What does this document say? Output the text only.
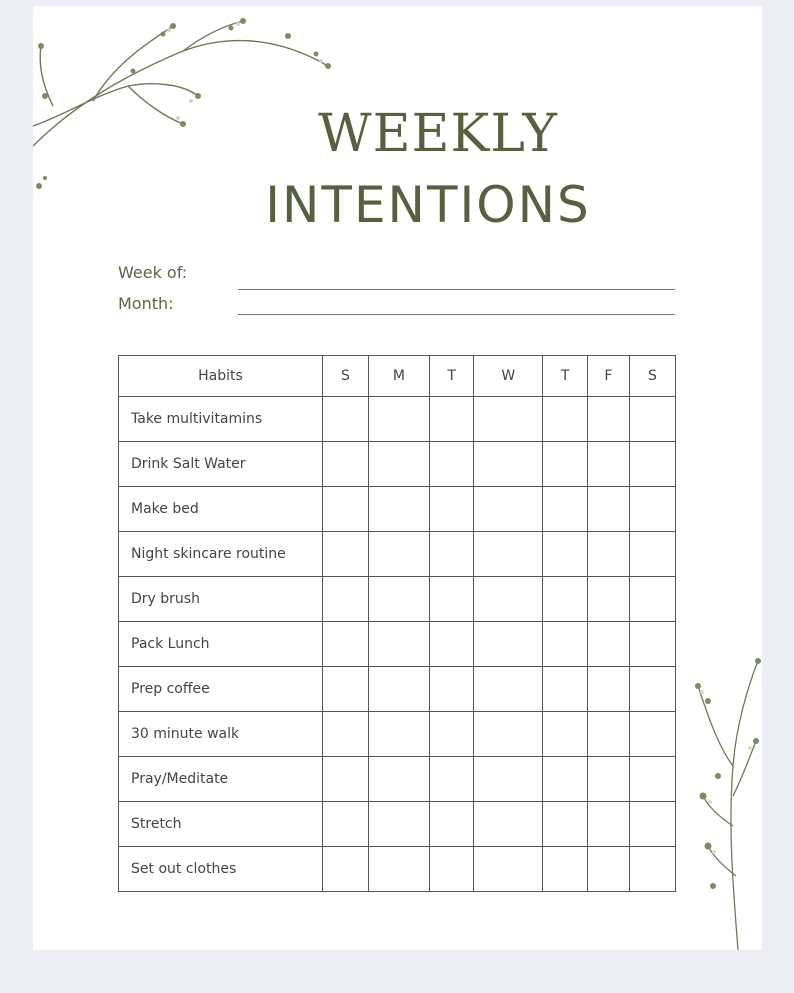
WEEKLY
INTENTIONS
Week of:
Month:
Habits	S	M	T	W	T	F	S
Take multivitamins							
Drink Salt Water							
Make bed							
Night skincare routine							
Dry brush							
Pack Lunch							
Prep coffee							
30 minute walk							
Pray/Meditate							
Stretch							
Set out clothes							
